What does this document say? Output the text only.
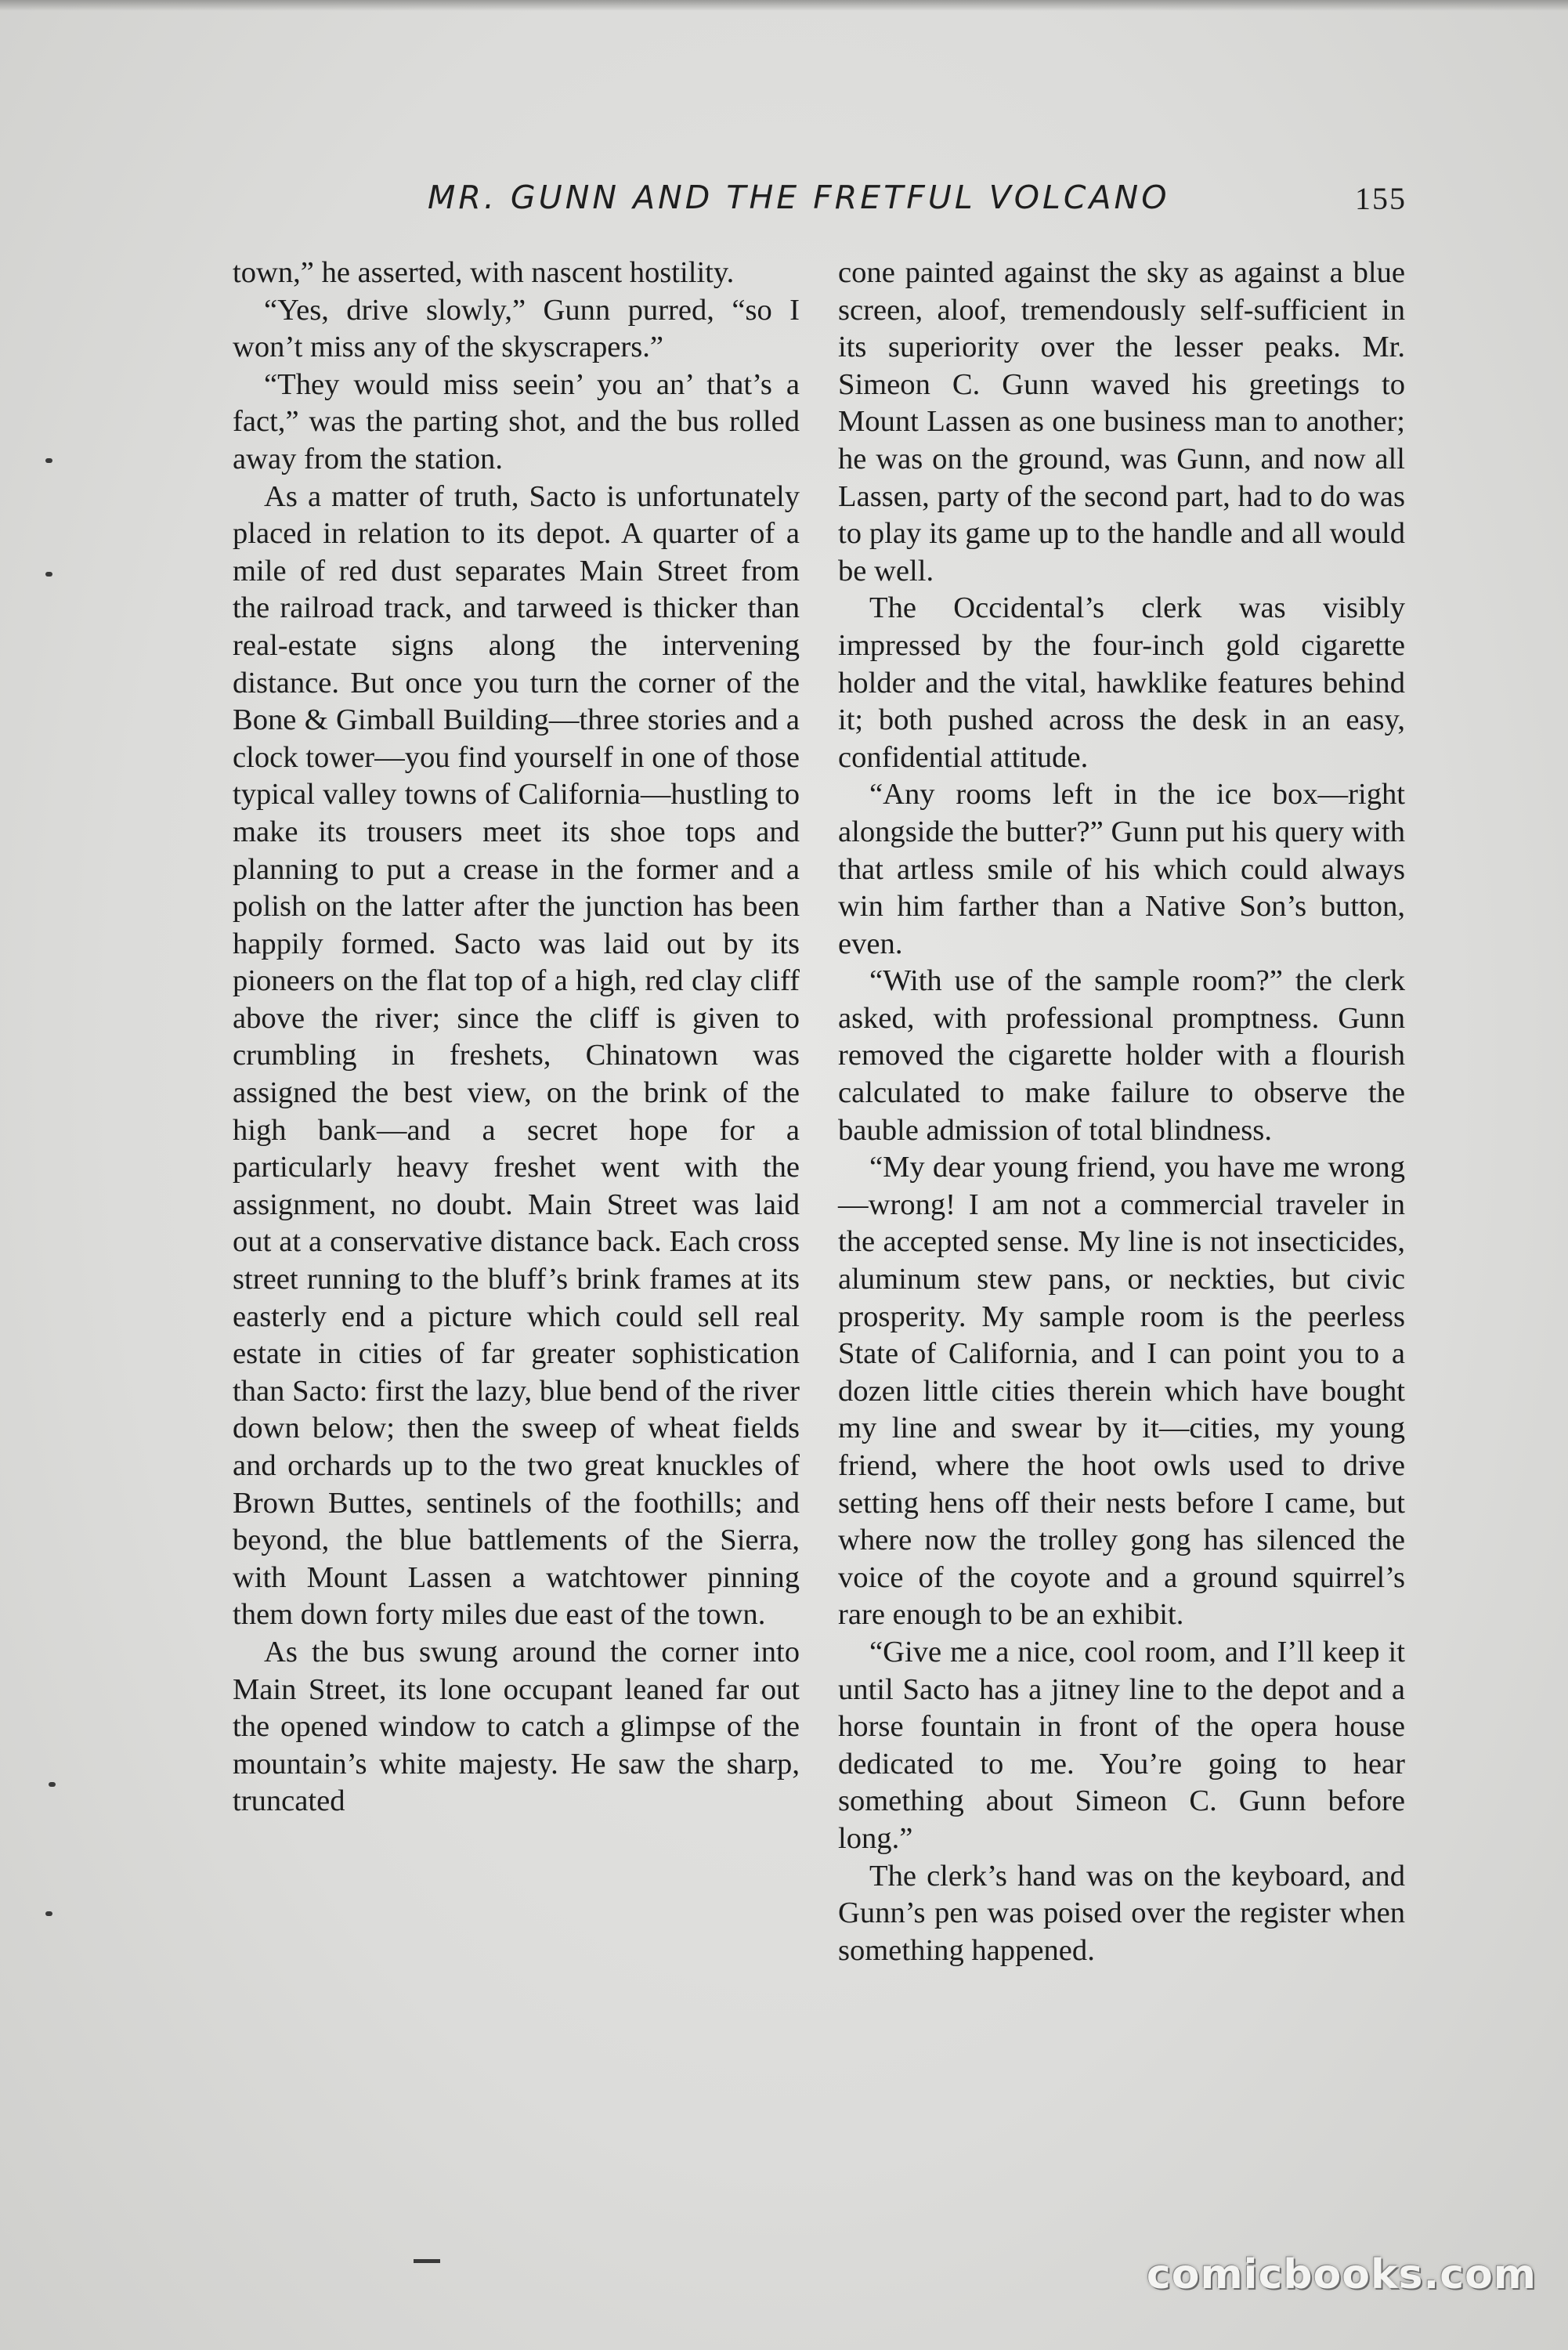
MR. GUNN AND THE FRETFUL VOLCANO	155

town,” he asserted, with nascent hostility.

“Yes, drive slowly,” Gunn purred, “so I won’t miss any of the skyscrapers.”

“They would miss seein’ you an’ that’s a fact,” was the parting shot, and the bus rolled away from the station.

As a matter of truth, Sacto is unfortunately placed in relation to its depot. A quarter of a mile of red dust separates Main Street from the railroad track, and tarweed is thicker than real-estate signs along the intervening distance. But once you turn the corner of the Bone & Gimball Building—three stories and a clock tower—you find yourself in one of those typical valley towns of California—hustling to make its trousers meet its shoe tops and planning to put a crease in the former and a polish on the latter after the junction has been happily formed. Sacto was laid out by its pioneers on the flat top of a high, red clay cliff above the river; since the cliff is given to crumbling in freshets, Chinatown was assigned the best view, on the brink of the high bank—and a secret hope for a particularly heavy freshet went with the assignment, no doubt. Main Street was laid out at a conservative distance back. Each cross street running to the bluff’s brink frames at its easterly end a picture which could sell real estate in cities of far greater sophistication than Sacto: first the lazy, blue bend of the river down below; then the sweep of wheat fields and orchards up to the two great knuckles of Brown Buttes, sentinels of the foothills; and beyond, the blue battlements of the Sierra, with Mount Lassen a watchtower pinning them down forty miles due east of the town.

As the bus swung around the corner into Main Street, its lone occupant leaned far out the opened window to catch a glimpse of the mountain’s white majesty. He saw the sharp, truncated

cone painted against the sky as against a blue screen, aloof, tremendously self-sufficient in its superiority over the lesser peaks. Mr. Simeon C. Gunn waved his greetings to Mount Lassen as one business man to another; he was on the ground, was Gunn, and now all Lassen, party of the second part, had to do was to play its game up to the handle and all would be well.

The Occidental’s clerk was visibly impressed by the four-inch gold cigarette holder and the vital, hawklike features behind it; both pushed across the desk in an easy, confidential attitude.

“Any rooms left in the ice box—right alongside the butter?” Gunn put his query with that artless smile of his which could always win him farther than a Native Son’s button, even.

“With use of the sample room?” the clerk asked, with professional promptness. Gunn removed the cigarette holder with a flourish calculated to make failure to observe the bauble admission of total blindness.

“My dear young friend, you have me wrong—wrong! I am not a commercial traveler in the accepted sense. My line is not insecticides, aluminum stew pans, or neckties, but civic prosperity. My sample room is the peerless State of California, and I can point you to a dozen little cities therein which have bought my line and swear by it—cities, my young friend, where the hoot owls used to drive setting hens off their nests before I came, but where now the trolley gong has silenced the voice of the coyote and a ground squirrel’s rare enough to be an exhibit.

“Give me a nice, cool room, and I’ll keep it until Sacto has a jitney line to the depot and a horse fountain in front of the opera house dedicated to me. You’re going to hear something about Simeon C. Gunn before long.”

The clerk’s hand was on the keyboard, and Gunn’s pen was poised over the register when something happened.

comicbooks.com
